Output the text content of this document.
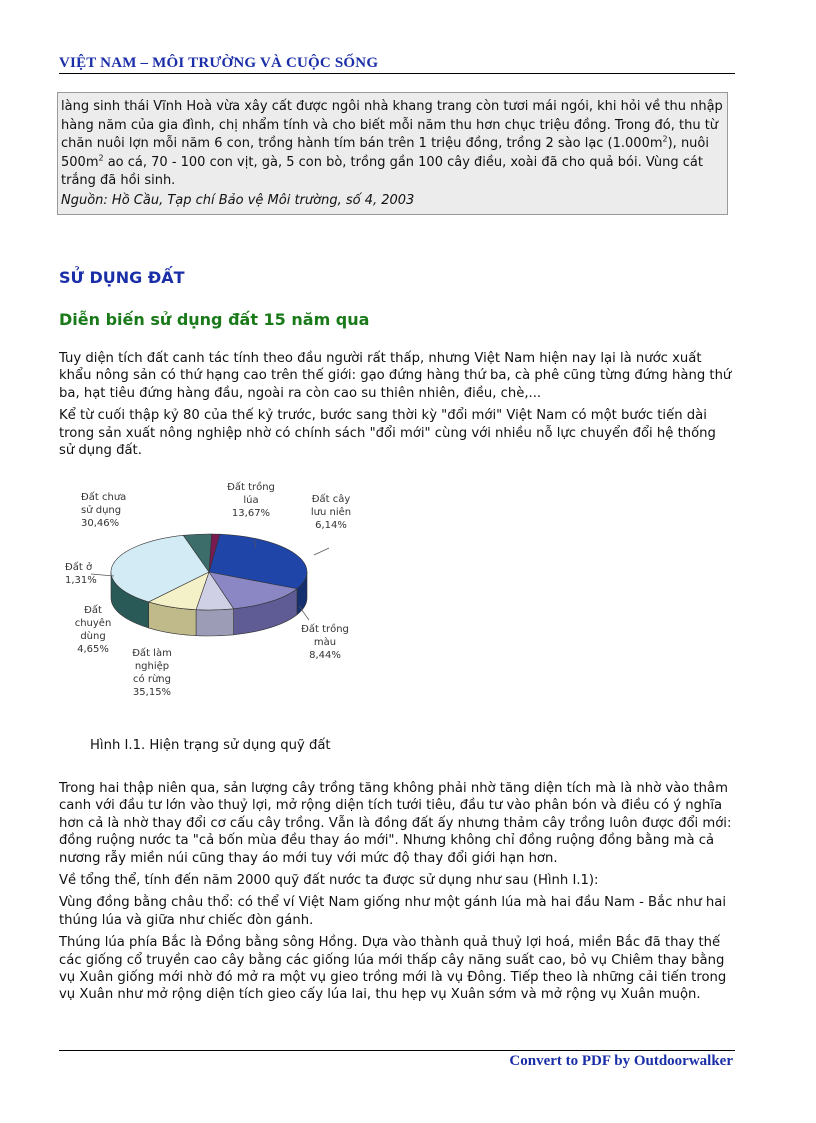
VIỆT NAM – MÔI TRƯỜNG VÀ CUỘC SỐNG

làng sinh thái Vĩnh Hoà vừa xây cất được ngôi nhà khang trang còn tươi mái ngói, khi hỏi về thu nhập hàng năm của gia đình, chị nhẩm tính và cho biết mỗi năm thu hơn chục triệu đồng. Trong đó, thu từ chăn nuôi lợn mỗi năm 6 con, trồng hành tím bán trên 1 triệu đồng, trồng 2 sào lạc $(1.000m^2)$, nuôi $500m^2$ ao cá, 70 - 100 con vịt, gà, 5 con bò, trồng gần 100 cây điều, xoài đã cho quả bói. Vùng cát trắng đã hồi sinh.

Nguồn: Hồ Cầu, Tạp chí Bảo vệ Môi trường, số 4, 2003

SỬ DỤNG ĐẤT
Diễn biến sử dụng đất 15 năm qua

Tuy diện tích đất canh tác tính theo đầu người rất thấp, nhưng Việt Nam hiện nay lại là nước xuất khẩu nông sản có thứ hạng cao trên thế giới: gạo đứng hàng thứ ba, cà phê cũng từng đứng hàng thứ ba, hạt tiêu đứng hàng đầu, ngoài ra còn cao su thiên nhiên, điều, chè,...

Kể từ cuối thập kỷ 80 của thế kỷ trước, bước sang thời kỳ "đổi mới" Việt Nam có một bước tiến dài trong sản xuất nông nghiệp nhờ có chính sách "đổi mới" cùng với nhiều nỗ lực chuyển đổi hệ thống sử dụng đất.

Đất chưa
sử dụng
30,46%
Đất trồng
lúa
13,67%
Đất cây
lưu niên
6,14%
Đất trồng
màu
8,44%
Đất làm
nghiệp
có rừng
35,15%
Đất
chuyên
dùng
4,65%
Đất ở
1,31%

Hình I.1. Hiện trạng sử dụng quỹ đất

Trong hai thập niên qua, sản lượng cây trồng tăng không phải nhờ tăng diện tích mà là nhờ vào thâm canh với đầu tư lớn vào thuỷ lợi, mở rộng diện tích tưới tiêu, đầu tư vào phân bón và điều có ý nghĩa hơn cả là nhờ thay đổi cơ cấu cây trồng. Vẫn là đồng đất ấy nhưng thảm cây trồng luôn được đổi mới: đồng ruộng nước ta "cả bốn mùa đều thay áo mới". Nhưng không chỉ đồng ruộng đồng bằng mà cả nương rẫy miền núi cũng thay áo mới tuy với mức độ thay đổi giới hạn hơn.

Về tổng thể, tính đến năm 2000 quỹ đất nước ta được sử dụng như sau (Hình I.1):

Vùng đồng bằng châu thổ: có thể ví Việt Nam giống như một gánh lúa mà hai đầu Nam - Bắc như hai thúng lúa và giữa như chiếc đòn gánh.

Thúng lúa phía Bắc là Đồng bằng sông Hồng. Dựa vào thành quả thuỷ lợi hoá, miền Bắc đã thay thế các giống cổ truyền cao cây bằng các giống lúa mới thấp cây năng suất cao, bỏ vụ Chiêm thay bằng vụ Xuân giống mới nhờ đó mở ra một vụ gieo trồng mới là vụ Đông. Tiếp theo là những cải tiến trong vụ Xuân như mở rộng diện tích gieo cấy lúa lai, thu hẹp vụ Xuân sớm và mở rộng vụ Xuân muộn.

Convert to PDF by Outdoorwalker
